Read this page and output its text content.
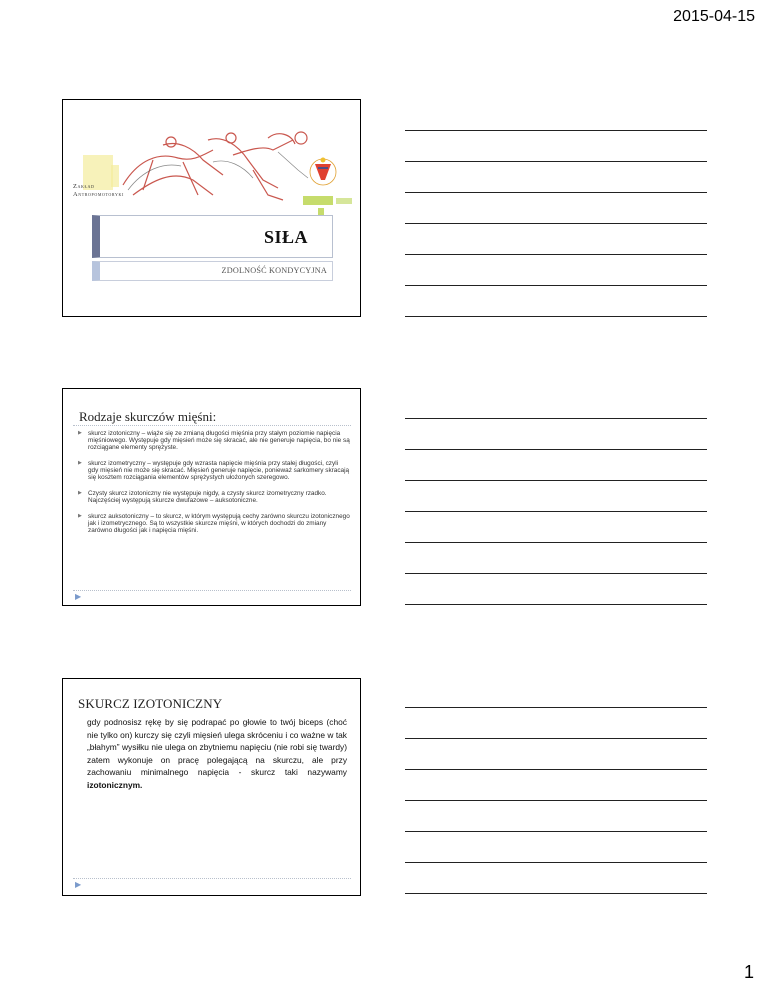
2015-04-15
Zakład
Antropomotoryki
SIŁA
ZDOLNOŚĆ KONDYCYJNA
Rodzaje skurczów mięśni:
▶ skurcz izotoniczny – wiąże się ze zmianą długości mięśnia przy stałym poziomie napięcia mięśniowego. Występuje gdy mięsień może się skracać, ale nie generuje napięcia, bo nie są rozciągane elementy sprężyste.
▶ skurcz izometryczny – występuje gdy wzrasta napięcie mięśnia przy stałej długości, czyli gdy mięsień nie może się skracać. Mięsień generuje napięcie, ponieważ sarkomery skracają się kosztem rozciągania elementów sprężystych ułożonych szeregowo.
▶ Czysty skurcz izotoniczny nie występuje nigdy, a czysty skurcz izometryczny rzadko. Najczęściej występują skurcze dwufazowe – auksotoniczne.
▶ skurcz auksotoniczny – to skurcz, w którym występują cechy zarówno skurczu izotonicznego jak i izometrycznego. Są to wszystkie skurcze mięśni, w których dochodzi do zmiany zarówno długości jak i napięcia mięśni.
▶
SKURCZ IZOTONICZNY
gdy podnosisz rękę by się podrapać po głowie to twój biceps (choć nie tylko on) kurczy się czyli mięsień ulega skróceniu i co ważne w tak „błahym” wysiłku nie ulega on zbytniemu napięciu (nie robi się twardy) zatem wykonuje on pracę polegającą na skurczu, ale przy zachowaniu minimalnego napięcia - skurcz taki nazywamy izotonicznym.
▶
1
